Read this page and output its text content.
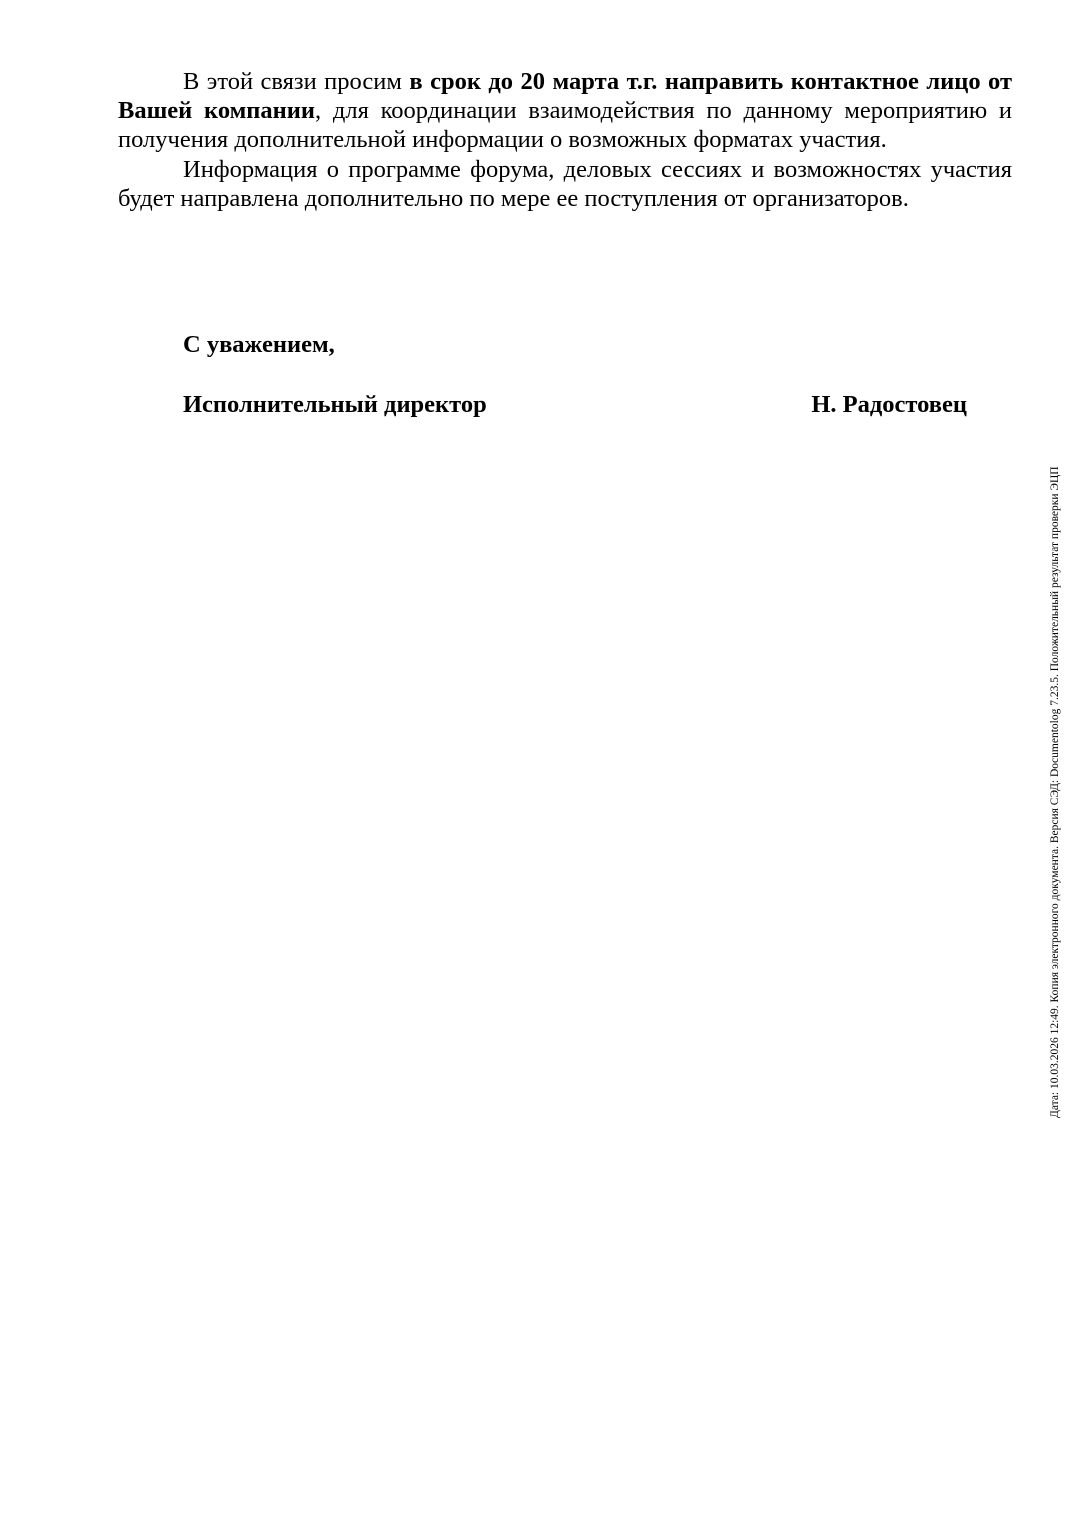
В этой связи просим в срок до 20 марта т.г. направить контактное лицо от Вашей компании, для координации взаимодействия по данному мероприятию и получения дополнительной информации о возможных форматах участия.

Информация о программе форума, деловых сессиях и возможностях участия будет направлена дополнительно по мере ее поступления от организаторов.

С уважением,
Исполнительный директор	Н. Радостовец
Дата: 10.03.2026 12:49. Копия электронного документа. Версия СЭД: Documentolog 7.23.5. Положительный результат проверки ЭЦП
